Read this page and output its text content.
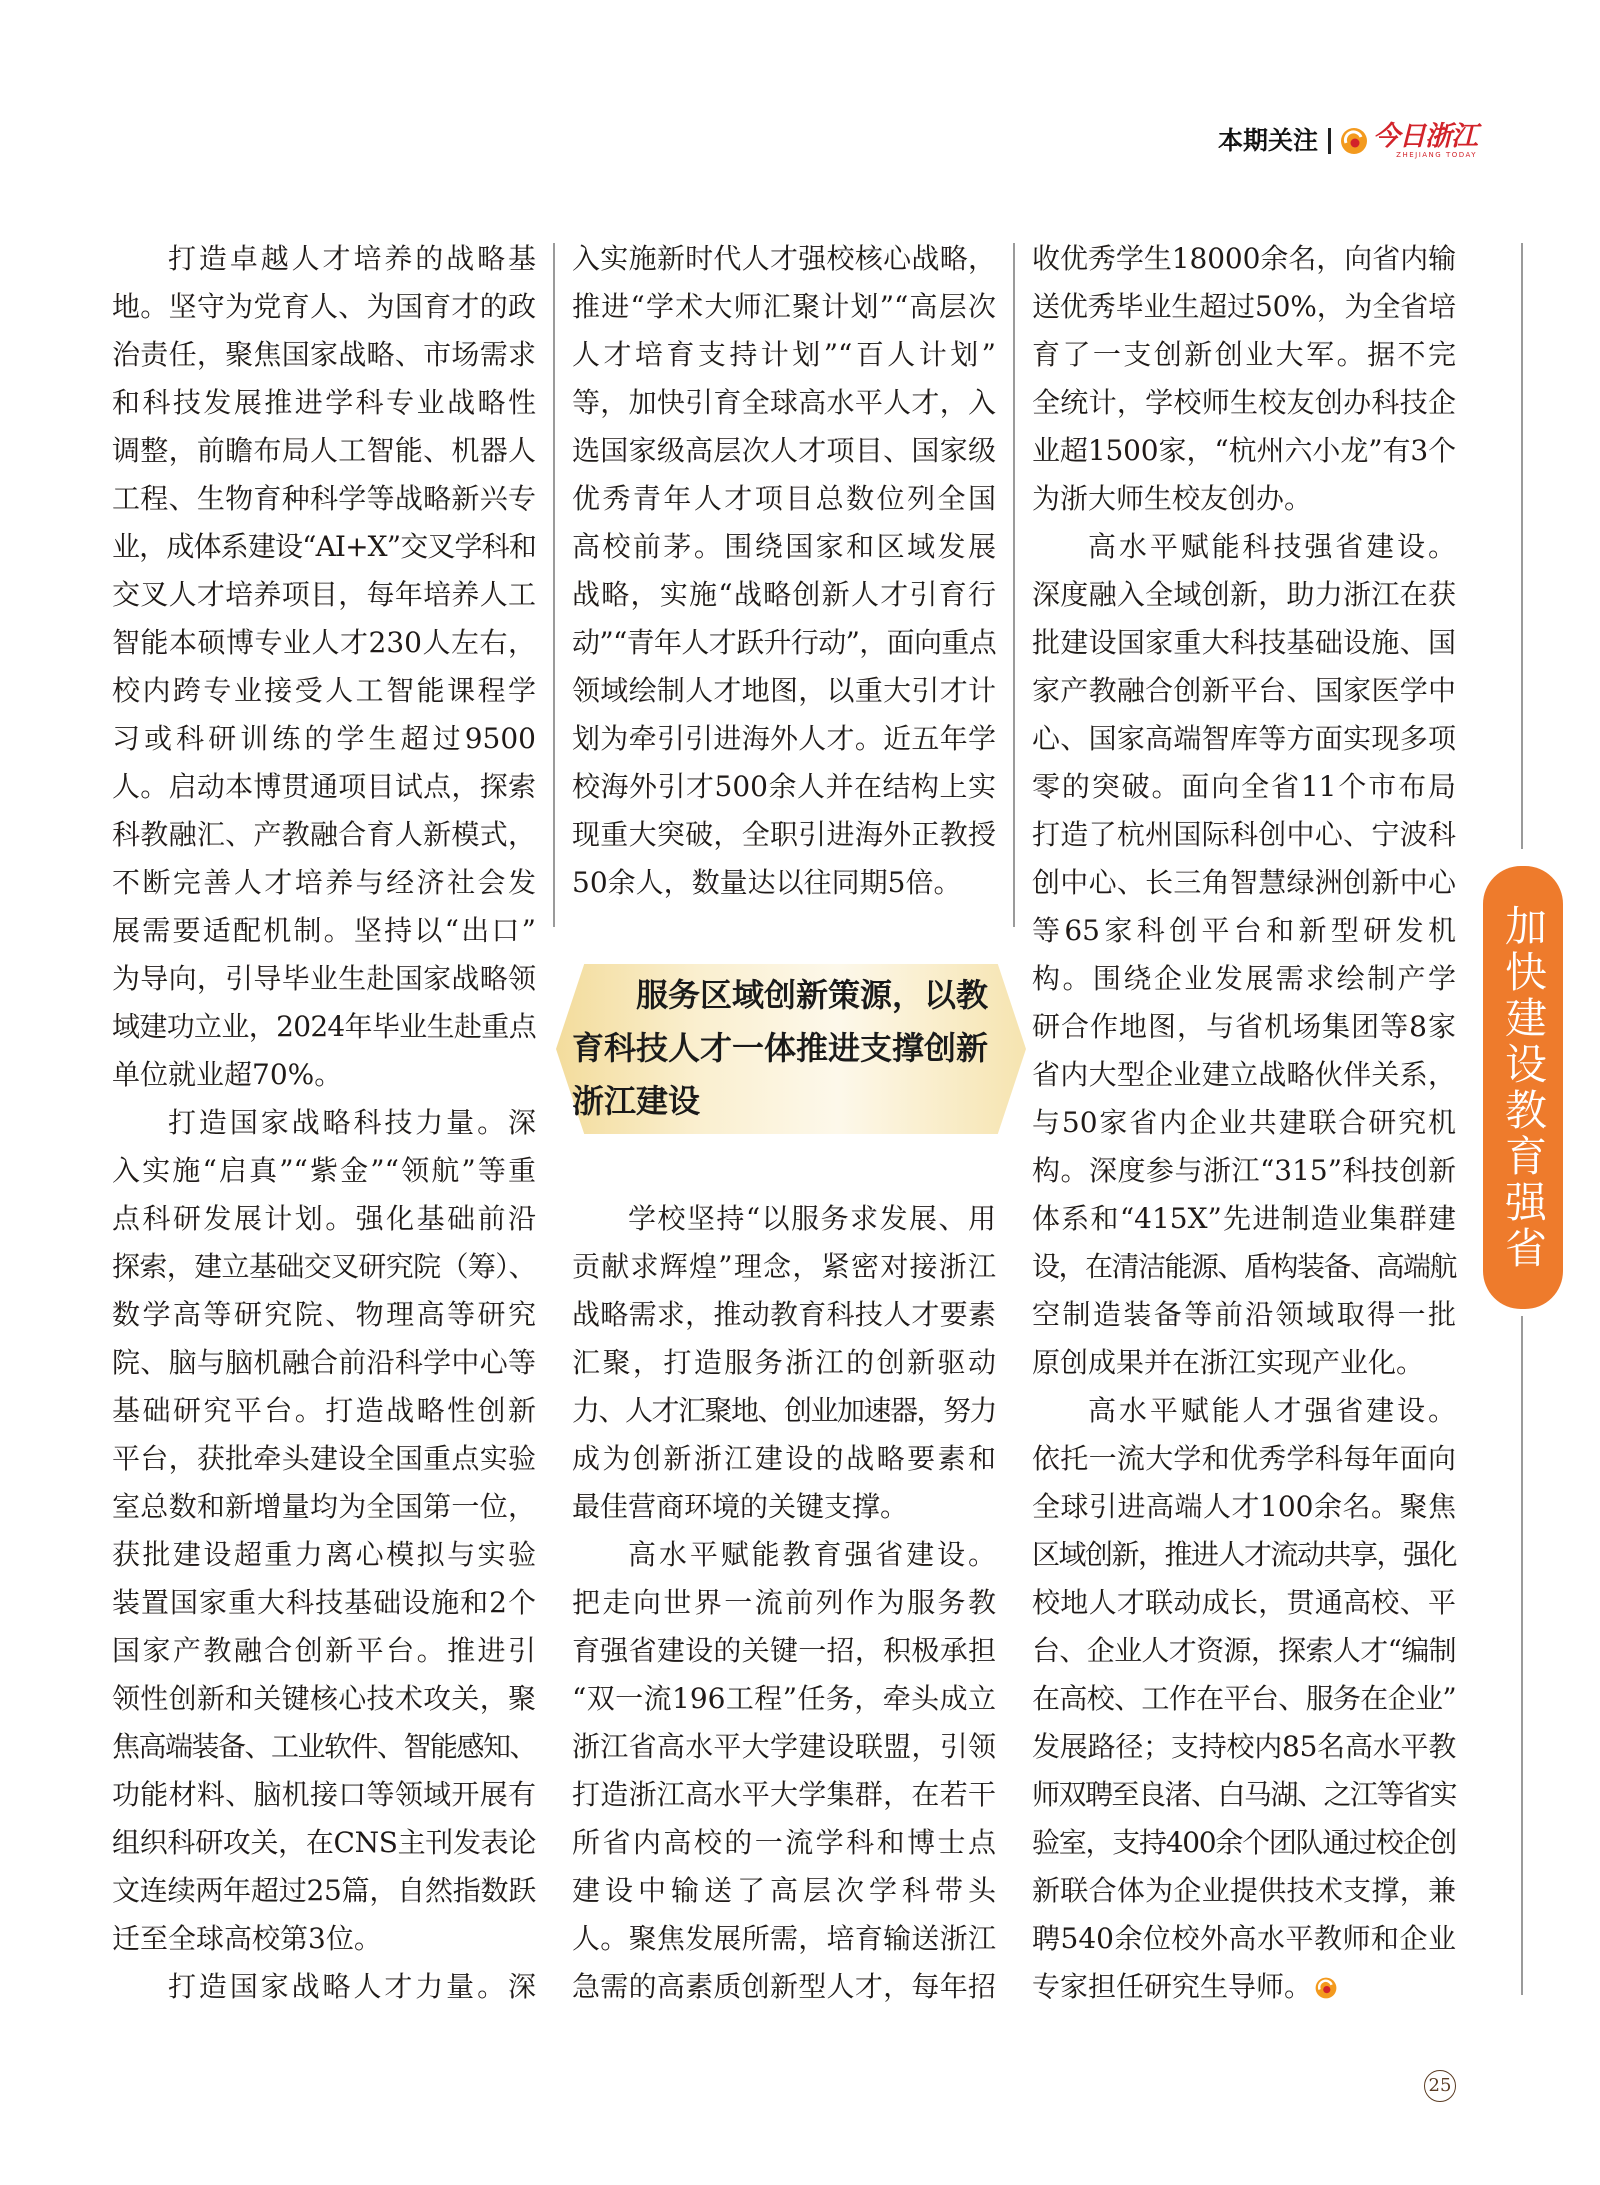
本期关注 今日浙江
ZHEJIANG TODAY
打造卓越人才培养的战略基
地。坚守为党育人、为国育才的政
治责任，聚焦国家战略、市场需求
和科技发展推进学科专业战略性
调整，前瞻布局人工智能、机器人
工程、生物育种科学等战略新兴专
业，成体系建设“AI+X”交叉学科和
交叉人才培养项目，每年培养人工
智能本硕博专业人才230人左右，
校内跨专业接受人工智能课程学
习或科研训练的学生超过9500
人。启动本博贯通项目试点，探索
科教融汇、产教融合育人新模式，
不断完善人才培养与经济社会发
展需要适配机制。坚持以“出口”
为导向，引导毕业生赴国家战略领
域建功立业，2024年毕业生赴重点
单位就业超70%。
打造国家战略科技力量。深
入实施“启真”“紫金”“领航”等重
点科研发展计划。强化基础前沿
探索，建立基础交叉研究院（筹）、
数学高等研究院、物理高等研究
院、脑与脑机融合前沿科学中心等
基础研究平台。打造战略性创新
平台，获批牵头建设全国重点实验
室总数和新增量均为全国第一位，
获批建设超重力离心模拟与实验
装置国家重大科技基础设施和2个
国家产教融合创新平台。推进引
领性创新和关键核心技术攻关，聚
焦高端装备、工业软件、智能感知、
功能材料、脑机接口等领域开展有
组织科研攻关，在CNS主刊发表论
文连续两年超过25篇，自然指数跃
迁至全球高校第3位。
打造国家战略人才力量。深
入实施新时代人才强校核心战略，
推进“学术大师汇聚计划”“高层次
人才培育支持计划”“百人计划”
等，加快引育全球高水平人才，入
选国家级高层次人才项目、国家级
优秀青年人才项目总数位列全国
高校前茅。围绕国家和区域发展
战略，实施“战略创新人才引育行
动”“青年人才跃升行动”，面向重点
领域绘制人才地图，以重大引才计
划为牵引引进海外人才。近五年学
校海外引才500余人并在结构上实
现重大突破，全职引进海外正教授
50余人，数量达以往同期5倍。
服务区域创新策源，以教
育科技人才一体推进支撑创新
浙江建设
学校坚持“以服务求发展、用
贡献求辉煌”理念，紧密对接浙江
战略需求，推动教育科技人才要素
汇聚，打造服务浙江的创新驱动
力、人才汇聚地、创业加速器，努力
成为创新浙江建设的战略要素和
最佳营商环境的关键支撑。
高水平赋能教育强省建设。
把走向世界一流前列作为服务教
育强省建设的关键一招，积极承担
“双一流196工程”任务，牵头成立
浙江省高水平大学建设联盟，引领
打造浙江高水平大学集群，在若干
所省内高校的一流学科和博士点
建设中输送了高层次学科带头
人。聚焦发展所需，培育输送浙江
急需的高素质创新型人才，每年招
收优秀学生18000余名，向省内输
送优秀毕业生超过50%，为全省培
育了一支创新创业大军。据不完
全统计，学校师生校友创办科技企
业超1500家，“杭州六小龙”有3个
为浙大师生校友创办。
高水平赋能科技强省建设。
深度融入全域创新，助力浙江在获
批建设国家重大科技基础设施、国
家产教融合创新平台、国家医学中
心、国家高端智库等方面实现多项
零的突破。面向全省11个市布局
打造了杭州国际科创中心、宁波科
创中心、长三角智慧绿洲创新中心
等65家科创平台和新型研发机
构。围绕企业发展需求绘制产学
研合作地图，与省机场集团等8家
省内大型企业建立战略伙伴关系，
与50家省内企业共建联合研究机
构。深度参与浙江“315”科技创新
体系和“415X”先进制造业集群建
设，在清洁能源、盾构装备、高端航
空制造装备等前沿领域取得一批
原创成果并在浙江实现产业化。
高水平赋能人才强省建设。
依托一流大学和优秀学科每年面向
全球引进高端人才100余名。聚焦
区域创新，推进人才流动共享，强化
校地人才联动成长，贯通高校、平
台、企业人才资源，探索人才“编制
在高校、工作在平台、服务在企业”
发展路径；支持校内85名高水平教
师双聘至良渚、白马湖、之江等省实
验室，支持400余个团队通过校企创
新联合体为企业提供技术支撑，兼
聘540余位校外高水平教师和企业
专家担任研究生导师。
加快建设教育强省
25
